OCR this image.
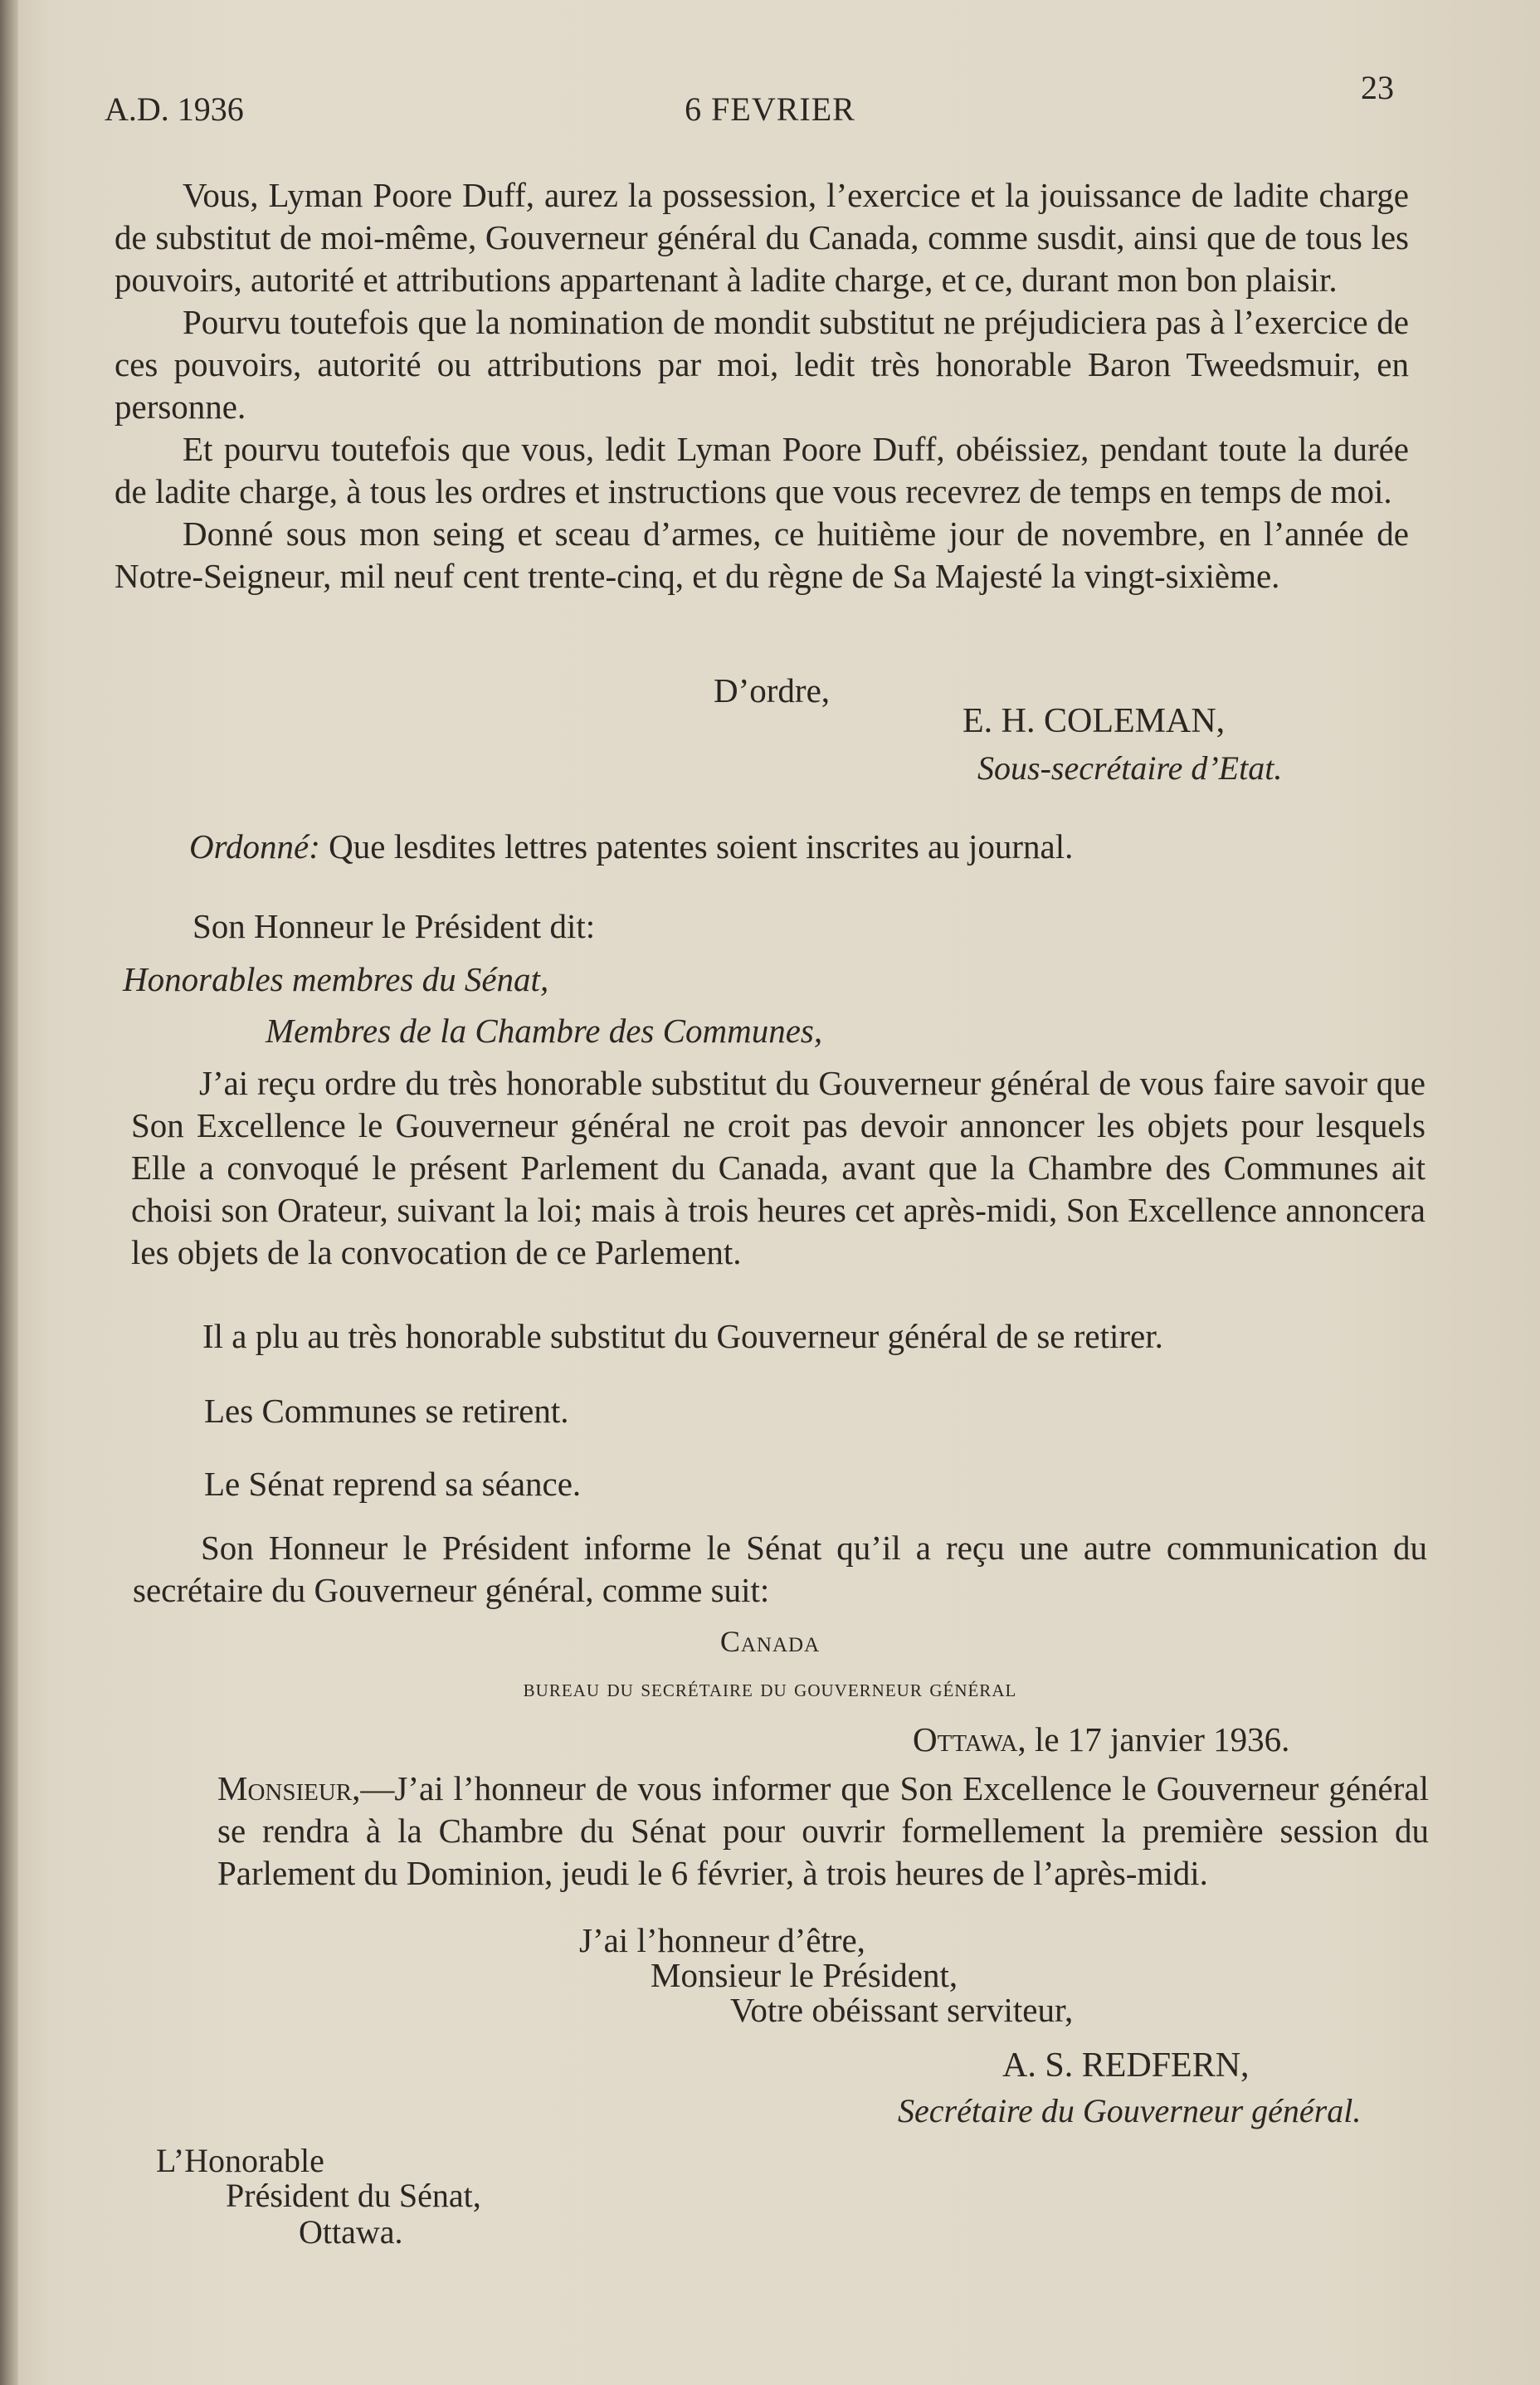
A.D. 1936	6 FEVRIER
23

Vous, Lyman Poore Duff, aurez la possession, l’exercice et la jouissance de ladite charge de substitut de moi-même, Gouverneur général du Canada, comme susdit, ainsi que de tous les pouvoirs, autorité et attributions appartenant à ladite charge, et ce, durant mon bon plaisir.

Pourvu toutefois que la nomination de mondit substitut ne préjudiciera pas à l’exercice de ces pouvoirs, autorité ou attributions par moi, ledit très honorable Baron Tweedsmuir, en personne.

Et pourvu toutefois que vous, ledit Lyman Poore Duff, obéissiez, pendant toute la durée de ladite charge, à tous les ordres et instructions que vous recevrez de temps en temps de moi.

Donné sous mon seing et sceau d’armes, ce huitième jour de novembre, en l’année de Notre-Seigneur, mil neuf cent trente-cinq, et du règne de Sa Majesté la vingt-sixième.

D’ordre,
E. H. COLEMAN,
Sous-secrétaire d’Etat.
Ordonné: Que lesdites lettres patentes soient inscrites au journal.
Son Honneur le Président dit:
Honorables membres du Sénat,
Membres de la Chambre des Communes,

J’ai reçu ordre du très honorable substitut du Gouverneur général de vous faire savoir que Son Excellence le Gouverneur général ne croit pas devoir annoncer les objets pour lesquels Elle a convoqué le présent Parlement du Canada, avant que la Chambre des Communes ait choisi son Orateur, suivant la loi; mais à trois heures cet après-midi, Son Excellence annoncera les objets de la convocation de ce Parlement.

Il a plu au très honorable substitut du Gouverneur général de se retirer.
Les Communes se retirent.
Le Sénat reprend sa séance.

Son Honneur le Président informe le Sénat qu’il a reçu une autre communication du secrétaire du Gouverneur général, comme suit:

Canada
bureau du secrétaire du gouverneur général
Ottawa, le 17 janvier 1936.

Monsieur,—J’ai l’honneur de vous informer que Son Excellence le Gouverneur général se rendra à la Chambre du Sénat pour ouvrir formellement la première session du Parlement du Dominion, jeudi le 6 février, à trois heures de l’après-midi.

J’ai l’honneur d’être,
Monsieur le Président,
Votre obéissant serviteur,
A. S. REDFERN,
Secrétaire du Gouverneur général.
L’Honorable
Président du Sénat,
Ottawa.
